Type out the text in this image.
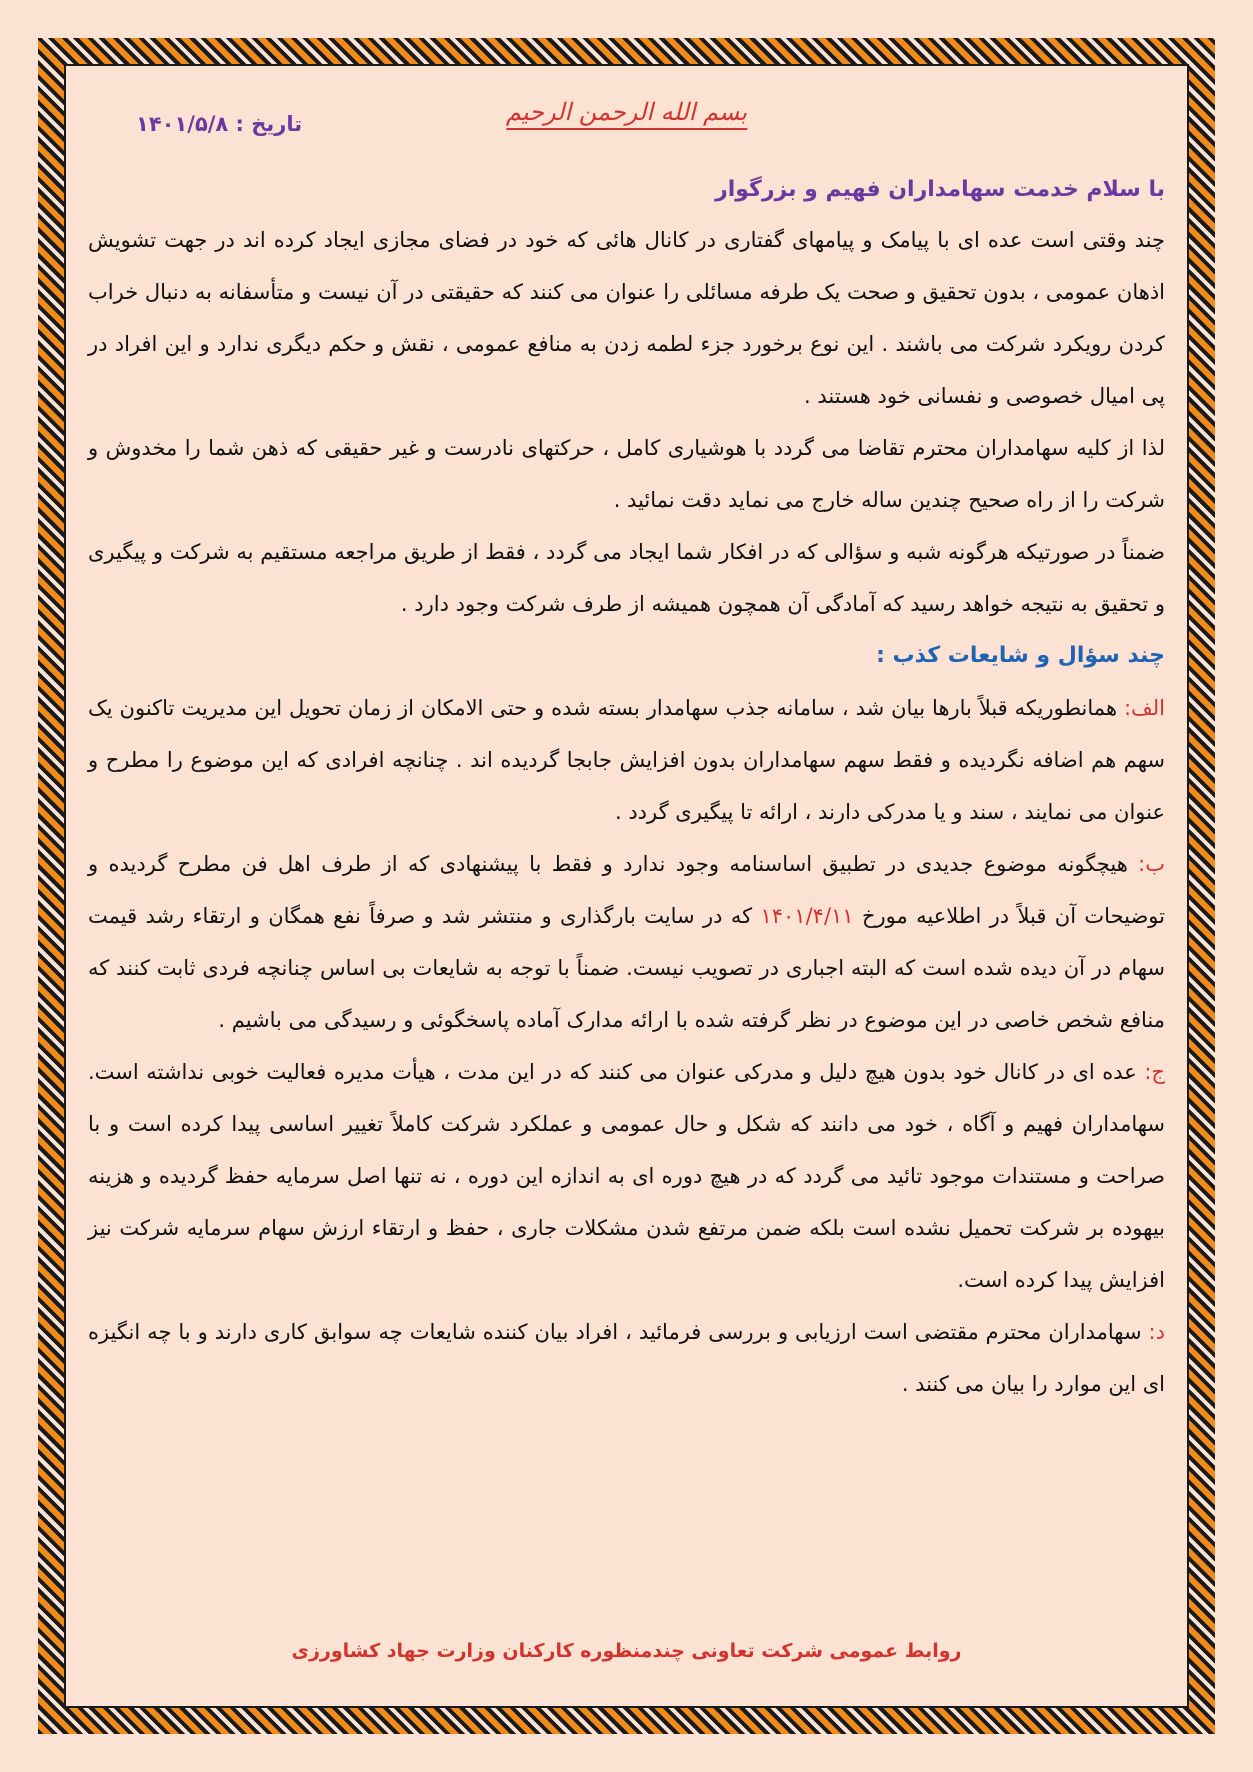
بسم الله الرحمن الرحیم
تاریخ : ۱۴۰۱/۵/۸

با سلام خدمت سهامداران فهیم و بزرگوار

چند وقتی است عده ای با پیامک و پیامهای گفتاری در کانال هائی که خود در فضای مجازی ایجاد کرده اند در جهت تشویش اذهان عمومی ، بدون تحقیق و صحت یک طرفه مسائلی را عنوان می کنند که حقیقتی در آن نیست و متأسفانه به دنبال خراب کردن رویکرد شرکت می باشند . این نوع برخورد جزء لطمه زدن به منافع عمومی ، نقش و حکم دیگری ندارد و این افراد در پی امیال خصوصی و نفسانی خود هستند .

لذا از کلیه سهامداران محترم تقاضا می گردد با هوشیاری کامل ، حرکتهای نادرست و غیر حقیقی که ذهن شما را مخدوش و شرکت را از راه صحیح چندین ساله خارج می نماید دقت نمائید .

ضمناً در صورتیکه هرگونه شبه و سؤالی که در افکار شما ایجاد می گردد ، فقط از طریق مراجعه مستقیم به شرکت و پیگیری و تحقیق به نتیجه خواهد رسید که آمادگی آن همچون همیشه از طرف شرکت وجود دارد .

چند سؤال و شایعات کذب :

الف: همانطوریکه قبلاً بارها بیان شد ، سامانه جذب سهامدار بسته شده و حتی الامکان از زمان تحویل این مدیریت تاکنون یک سهم هم اضافه نگردیده و فقط سهم سهامداران بدون افزایش جابجا گردیده اند . چنانچه افرادی که این موضوع را مطرح و عنوان می نمایند ، سند و یا مدرکی دارند ، ارائه تا پیگیری گردد .

ب: هیچگونه موضوع جدیدی در تطبیق اساسنامه وجود ندارد و فقط با پیشنهادی که از طرف اهل فن مطرح گردیده و توضیحات آن قبلاً در اطلاعیه مورخ ۱۴۰۱/۴/۱۱ که در سایت بارگذاری و منتشر شد و صرفاً نفع همگان و ارتقاء رشد قیمت سهام در آن دیده شده است که البته اجباری در تصویب نیست. ضمناً با توجه به شایعات بی اساس چنانچه فردی ثابت کنند که منافع شخص خاصی در این موضوع در نظر گرفته شده با ارائه مدارک آماده پاسخگوئی و رسیدگی می باشیم .

ج: عده ای در کانال خود بدون هیچ دلیل و مدرکی عنوان می کنند که در این مدت ، هیأت مدیره فعالیت خوبی نداشته است. سهامداران فهیم و آگاه ، خود می دانند که شکل و حال عمومی و عملکرد شرکت کاملاً تغییر اساسی پیدا کرده است و با صراحت و مستندات موجود تائید می گردد که در هیچ دوره ای به اندازه این دوره ، نه تنها اصل سرمایه حفظ گردیده و هزینه بیهوده بر شرکت تحمیل نشده است بلکه ضمن مرتفع شدن مشکلات جاری ، حفظ و ارتقاء ارزش سهام سرمایه شرکت نیز افزایش پیدا کرده است.

د: سهامداران محترم مقتضی است ارزیابی و بررسی فرمائید ، افراد بیان کننده شایعات چه سوابق کاری دارند و با چه انگیزه ای این موارد را بیان می کنند .

روابط عمومی شرکت تعاونی چندمنظوره کارکنان وزارت جهاد کشاورزی
